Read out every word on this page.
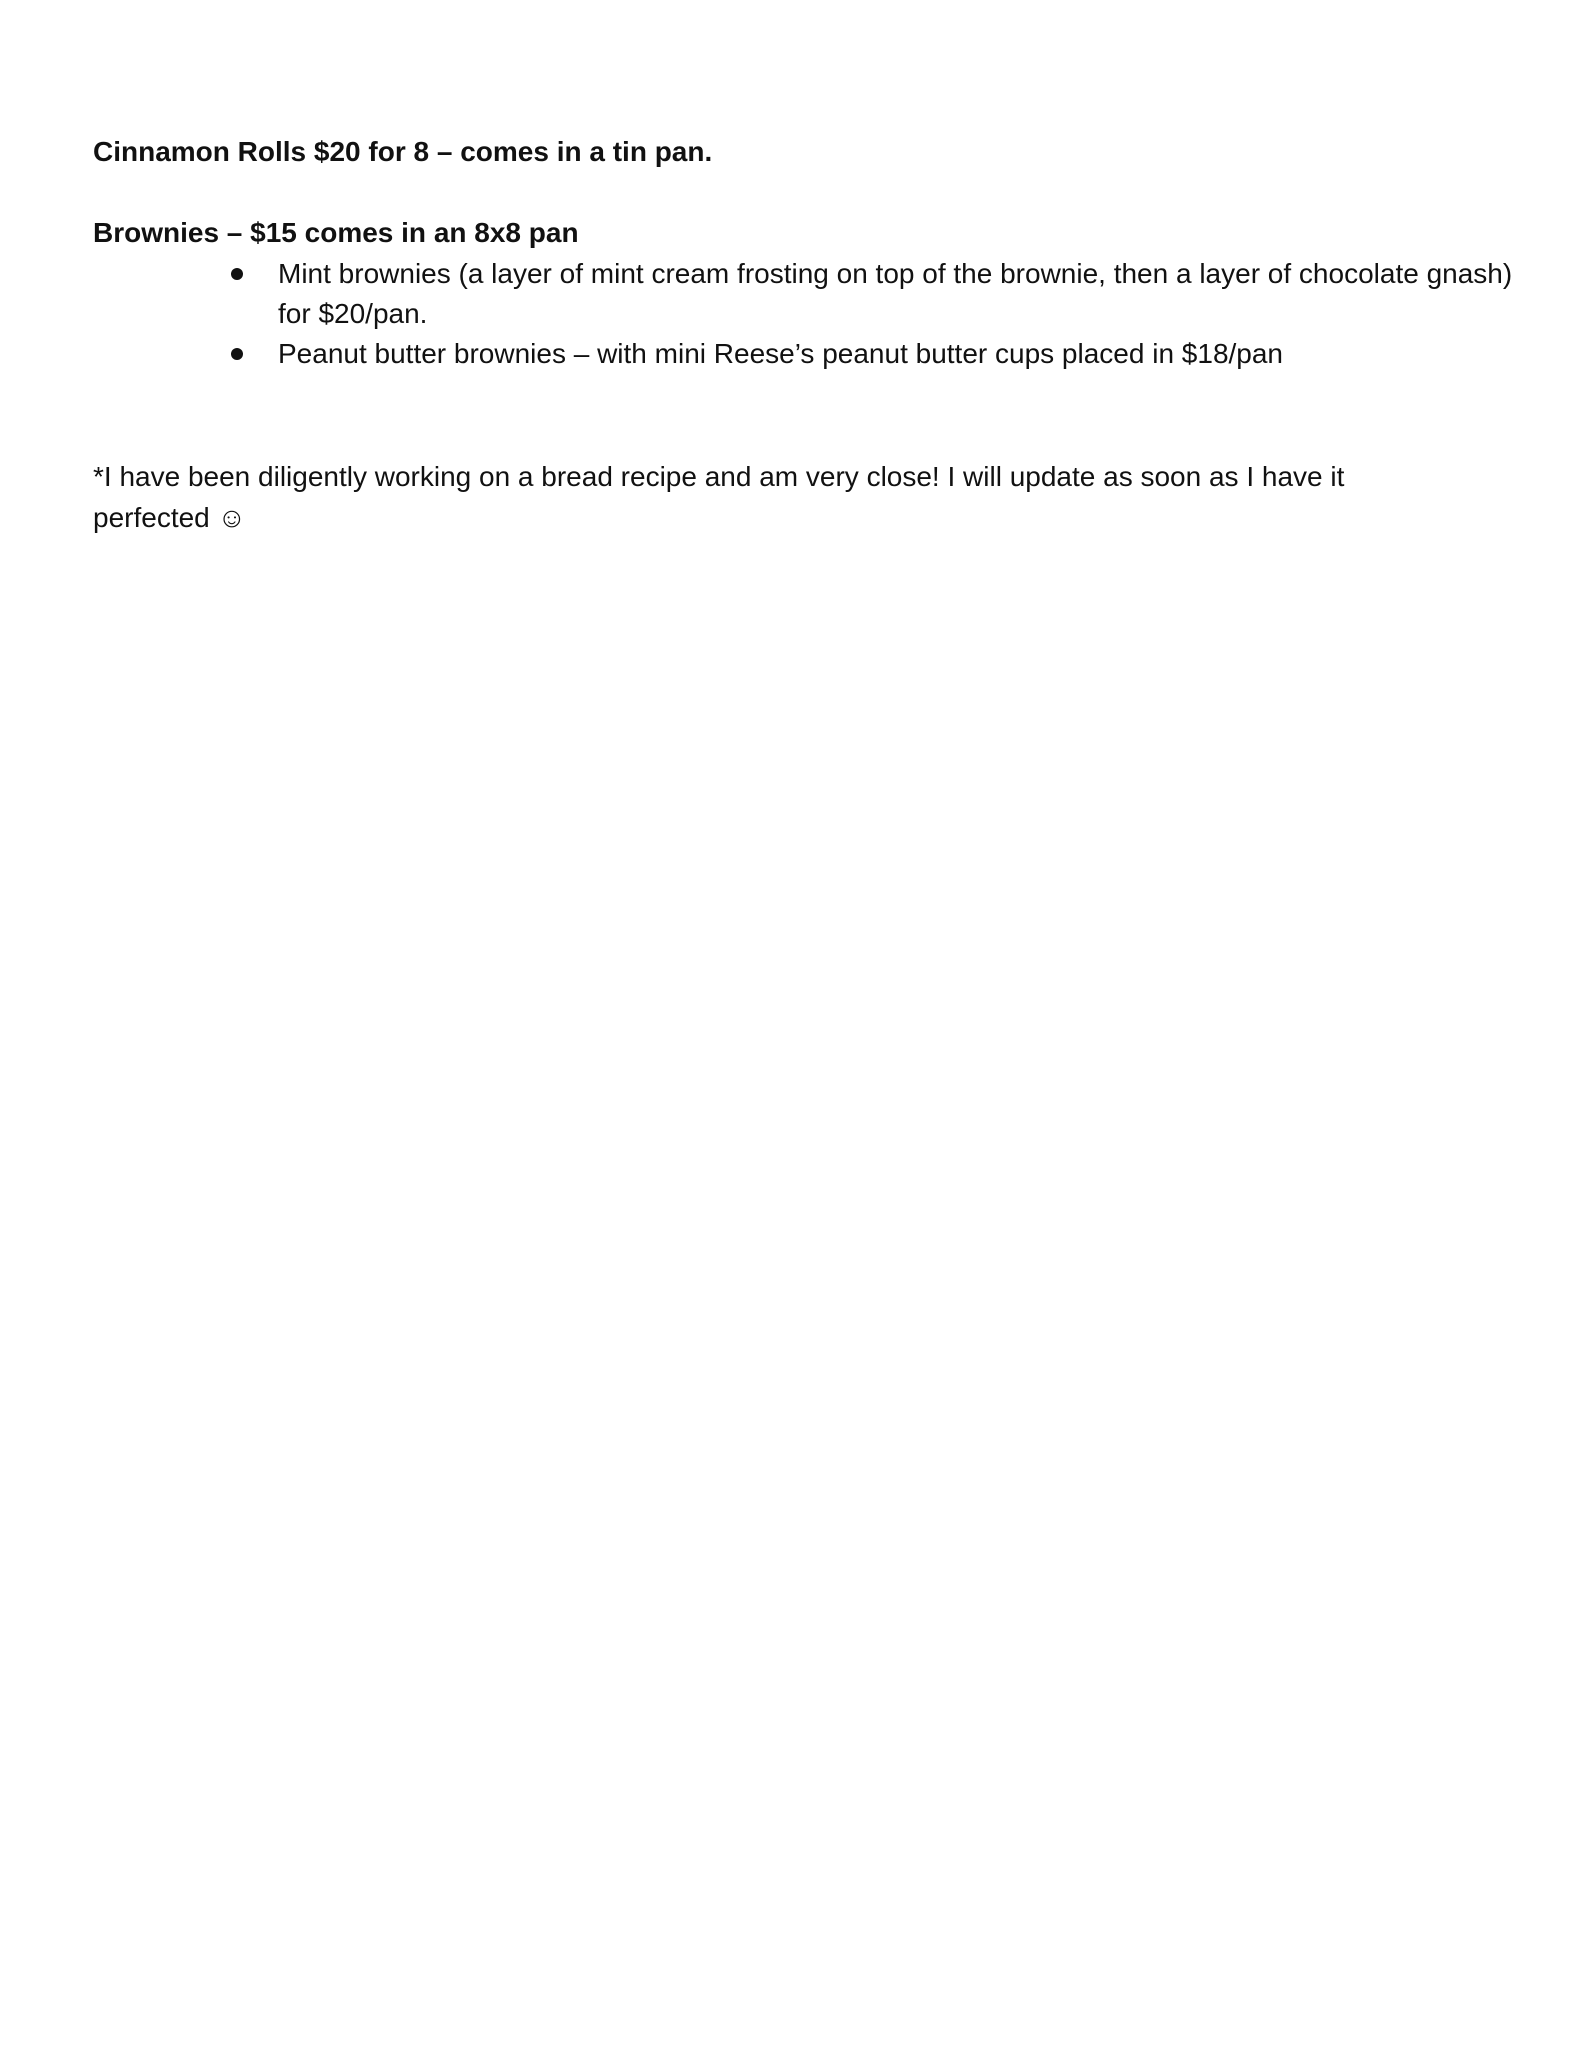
Cinnamon Rolls $20 for 8 – comes in a tin pan.

Brownies – $15 comes in an 8x8 pan

Mint brownies (a layer of mint cream frosting on top of the brownie, then a layer of chocolate gnash) for $20/pan.
Peanut butter brownies – with mini Reese’s peanut butter cups placed in $18/pan

*I have been diligently working on a bread recipe and am very close! I will update as soon as I have it perfected ☺
